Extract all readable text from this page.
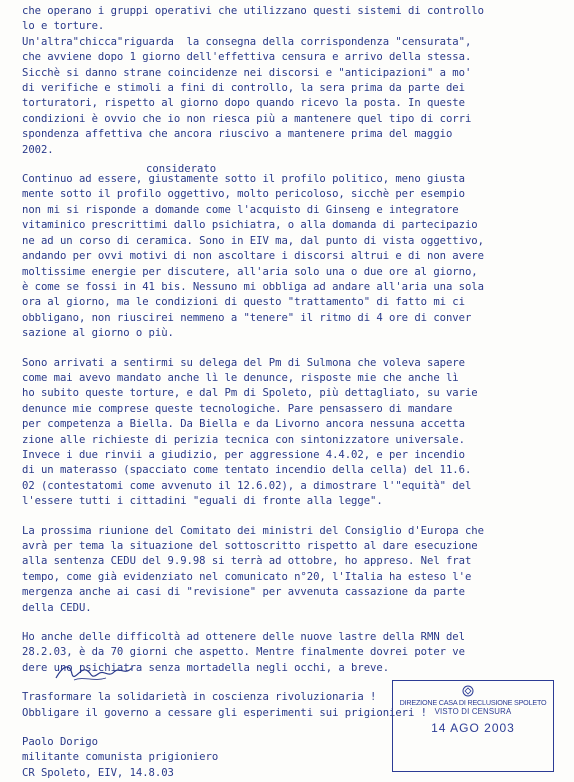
che operano i gruppi operativi che utilizzano questi sistemi di controllo

lo e torture.

Un'altra"chicca"riguarda  la consegna della corrispondenza "censurata",

che avviene dopo 1 giorno dell'effettiva censura e arrivo della stessa.

Sicchè si danno strane coincidenze nei discorsi e "anticipazioni" a mo'

di verifiche e stimoli a fini di controllo, la sera prima da parte dei

torturatori, rispetto al giorno dopo quando ricevo la posta. In queste

condizioni è ovvio che io non riesca più a mantenere quel tipo di corri

spondenza affettiva che ancora riuscivo a mantenere prima del maggio

2002.

Continuo ad essere, giustamente sotto il profilo politico, meno giusta

mente sotto il profilo oggettivo, molto pericoloso, sicchè per esempio

non mi si risponde a domande come l'acquisto di Ginseng e integratore

vitaminico prescrittimi dallo psichiatra, o alla domanda di partecipazio

ne ad un corso di ceramica. Sono in EIV ma, dal punto di vista oggettivo,

andando per ovvi motivi di non ascoltare i discorsi altrui e di non avere

moltissime energie per discutere, all'aria solo una o due ore al giorno,

è come se fossi in 41 bis. Nessuno mi obbliga ad andare all'aria una sola

ora al giorno, ma le condizioni di questo "trattamento" di fatto mi ci

obbligano, non riuscirei nemmeno a "tenere" il ritmo di 4 ore di conver

sazione al giorno o più.

Sono arrivati a sentirmi su delega del Pm di Sulmona che voleva sapere

come mai avevo mandato anche lì le denunce, risposte mie che anche lì

ho subito queste torture, e dal Pm di Spoleto, più dettagliato, su varie

denunce mie comprese queste tecnologiche. Pare pensassero di mandare

per competenza a Biella. Da Biella e da Livorno ancora nessuna accetta

zione alle richieste di perizia tecnica con sintonizzatore universale.

Invece i due rinvii a giudizio, per aggressione 4.4.02, e per incendio

di un materasso (spacciato come tentato incendio della cella) del 11.6.

02 (contestatomi come avvenuto il 12.6.02), a dimostrare l'"equità" del

l'essere tutti i cittadini "eguali di fronte alla legge".

La prossima riunione del Comitato dei ministri del Consiglio d'Europa che

avrà per tema la situazione del sottoscritto rispetto al dare esecuzione

alla sentenza CEDU del 9.9.98 si terrà ad ottobre, ho appreso. Nel frat

tempo, come già evidenziato nel comunicato n°20, l'Italia ha esteso l'e

mergenza anche ai casi di "revisione" per avvenuta cassazione da parte

della CEDU.

Ho anche delle difficoltà ad ottenere delle nuove lastre della RMN del

28.2.03, è da 70 giorni che aspetto. Mentre finalmente dovrei poter ve

dere uno psichiatra senza mortadella negli occhi, a breve.

Trasformare la solidarietà in coscienza rivoluzionaria !

Obbligare il governo a cessare gli esperimenti sui prigionieri !

Paolo Dorigo

militante comunista prigioniero

CR Spoleto, EIV, 14.8.03

considerato
DIREZIONE CASA DI RECLUSIONE SPOLETO
VISTO DI CENSURA
14 AGO 2003
